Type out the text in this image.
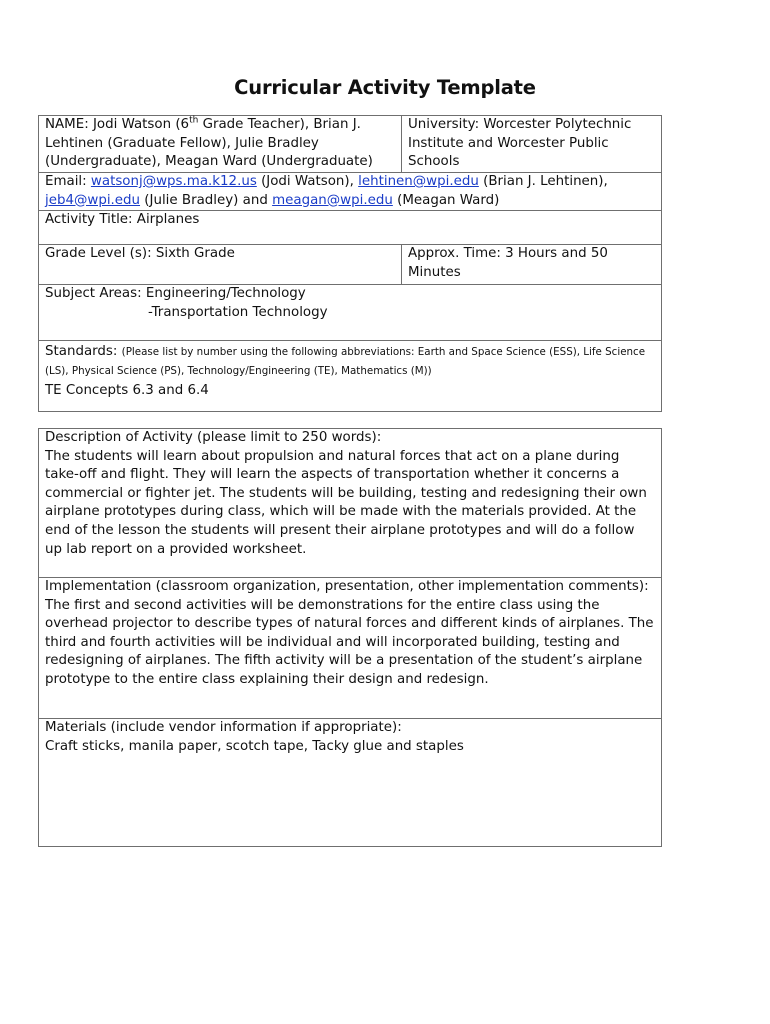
Curricular Activity Template
NAME: Jodi Watson (6th Grade Teacher), Brian J. Lehtinen (Graduate Fellow), Julie Bradley (Undergraduate), Meagan Ward (Undergraduate)	University: Worcester Polytechnic Institute and Worcester Public Schools
Email: watsonj@wps.ma.k12.us (Jodi Watson), lehtinen@wpi.edu (Brian J. Lehtinen), jeb4@wpi.edu (Julie Bradley) and meagan@wpi.edu (Meagan Ward)	
Activity Title: Airplanes	
Grade Level (s): Sixth Grade	Approx. Time: 3 Hours and 50 Minutes

Subject Areas: Engineering/Technology
-Transportation Technology	

Standards: (Please list by number using the following abbreviations: Earth and Space Science (ESS), Life Science (LS), Physical Science (PS), Technology/Engineering (TE), Mathematics (M))
TE Concepts 6.3 and 6.4	
Description of Activity (please limit to 250 words):
The students will learn about propulsion and natural forces that act on a plane during take-off and flight. They will learn the aspects of transportation whether it concerns a commercial or fighter jet. The students will be building, testing and redesigning their own airplane prototypes during class, which will be made with the materials provided. At the end of the lesson the students will present their airplane prototypes and will do a follow up lab report on a provided worksheet.

Implementation (classroom organization, presentation, other implementation comments):
The first and second activities will be demonstrations for the entire class using the overhead projector to describe types of natural forces and different kinds of airplanes. The third and fourth activities will be individual and will incorporated building, testing and redesigning of airplanes. The fifth activity will be a presentation of the student’s airplane prototype to the entire class explaining their design and redesign.

Materials (include vendor information if appropriate):
Craft sticks, manila paper, scotch tape, Tacky glue and staples
